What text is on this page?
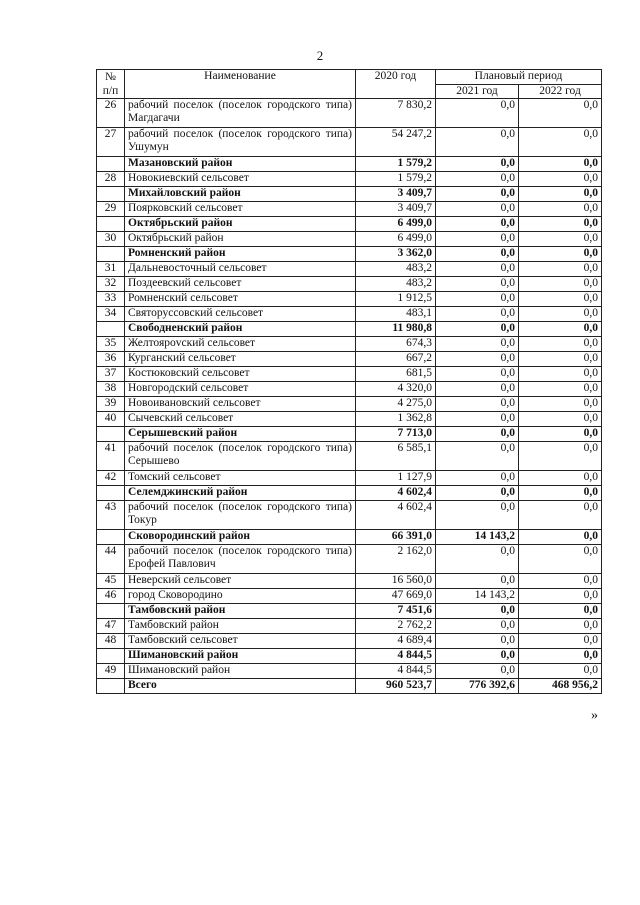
2
№
п/п	Наименование	2020 год	Плановый период	
			2021 год	2022 год
26	рабочий поселок (поселок городского типа) Магдагачи	7 830,2	0,0	0,0
27	рабочий поселок (поселок городского типа) Ушумун	54 247,2	0,0	0,0
	Мазановский район	1 579,2	0,0	0,0
28	Новокиевский сельсовет	1 579,2	0,0	0,0
	Михайловский район	3 409,7	0,0	0,0
29	Поярковский сельсовет	3 409,7	0,0	0,0
	Октябрьский район	6 499,0	0,0	0,0
30	Октябрьский район	6 499,0	0,0	0,0
	Ромненский район	3 362,0	0,0	0,0
31	Дальневосточный сельсовет	483,2	0,0	0,0
32	Поздеевский сельсовет	483,2	0,0	0,0
33	Ромненский сельсовет	1 912,5	0,0	0,0
34	Святоруссовский сельсовет	483,1	0,0	0,0
	Свободненский район	11 980,8	0,0	0,0
35	Желтоярovский сельсовет	674,3	0,0	0,0
36	Курганский сельсовет	667,2	0,0	0,0
37	Костюковский сельсовет	681,5	0,0	0,0
38	Новгородский сельсовет	4 320,0	0,0	0,0
39	Новоивановский сельсовет	4 275,0	0,0	0,0
40	Сычевский сельсовет	1 362,8	0,0	0,0
	Серышевский район	7 713,0	0,0	0,0
41	рабочий поселок (поселок городского типа) Серышево	6 585,1	0,0	0,0
42	Томский сельсовет	1 127,9	0,0	0,0
	Селемджинский район	4 602,4	0,0	0,0
43	рабочий поселок (поселок городского типа) Токур	4 602,4	0,0	0,0
	Сковородинский район	66 391,0	14 143,2	0,0
44	рабочий поселок (поселок городского типа) Ерофей Павлович	2 162,0	0,0	0,0
45	Неверский сельсовет	16 560,0	0,0	0,0
46	город Сковородино	47 669,0	14 143,2	0,0
	Тамбовский район	7 451,6	0,0	0,0
47	Тамбовский район	2 762,2	0,0	0,0
48	Тамбовский сельсовет	4 689,4	0,0	0,0
	Шимановский район	4 844,5	0,0	0,0
49	Шимановский район	4 844,5	0,0	0,0
	Всего	960 523,7	776 392,6	468 956,2
»
